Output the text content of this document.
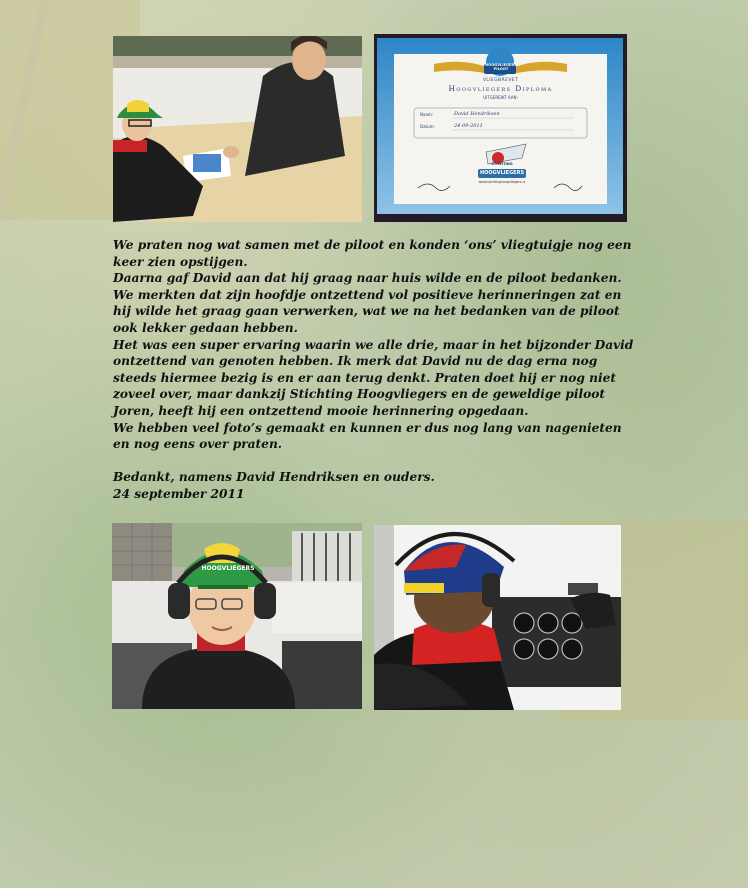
HOOGVLIEGERS
PILOOT
VLIEGBREVET
Hoogvliegers Diploma
UITGEREIKT AAN:
Naam:	David Hendriksen
Datum:	24-09-2011
STICHTING
HOOGVLIEGERS
www.stichtinghoogvliegers.nl

We praten nog wat samen met de piloot en konden ‘ons’ vliegtuigje nog een keer zien opstijgen.

Daarna gaf David aan dat hij graag naar huis wilde en de piloot bedanken. We merkten dat zijn hoofdje ontzettend vol positieve herinneringen zat en hij wilde het graag gaan verwerken, wat we na het bedanken van de piloot ook lekker gedaan hebben.

Het was een super ervaring waarin we alle drie, maar in het bijzonder David ontzettend van genoten hebben. Ik merk dat David nu de dag erna nog steeds hiermee bezig is en er aan terug denkt. Praten doet hij er nog niet zoveel over, maar dankzij Stichting Hoogvliegers en de geweldige piloot Joren, heeft hij een ontzettend mooie herinnering opgedaan.

We hebben veel foto’s gemaakt en kunnen er dus nog lang van nagenieten en nog eens over praten.

Bedankt, namens David Hendriksen en ouders.

24 september 2011

HOOGVLIEGERS
